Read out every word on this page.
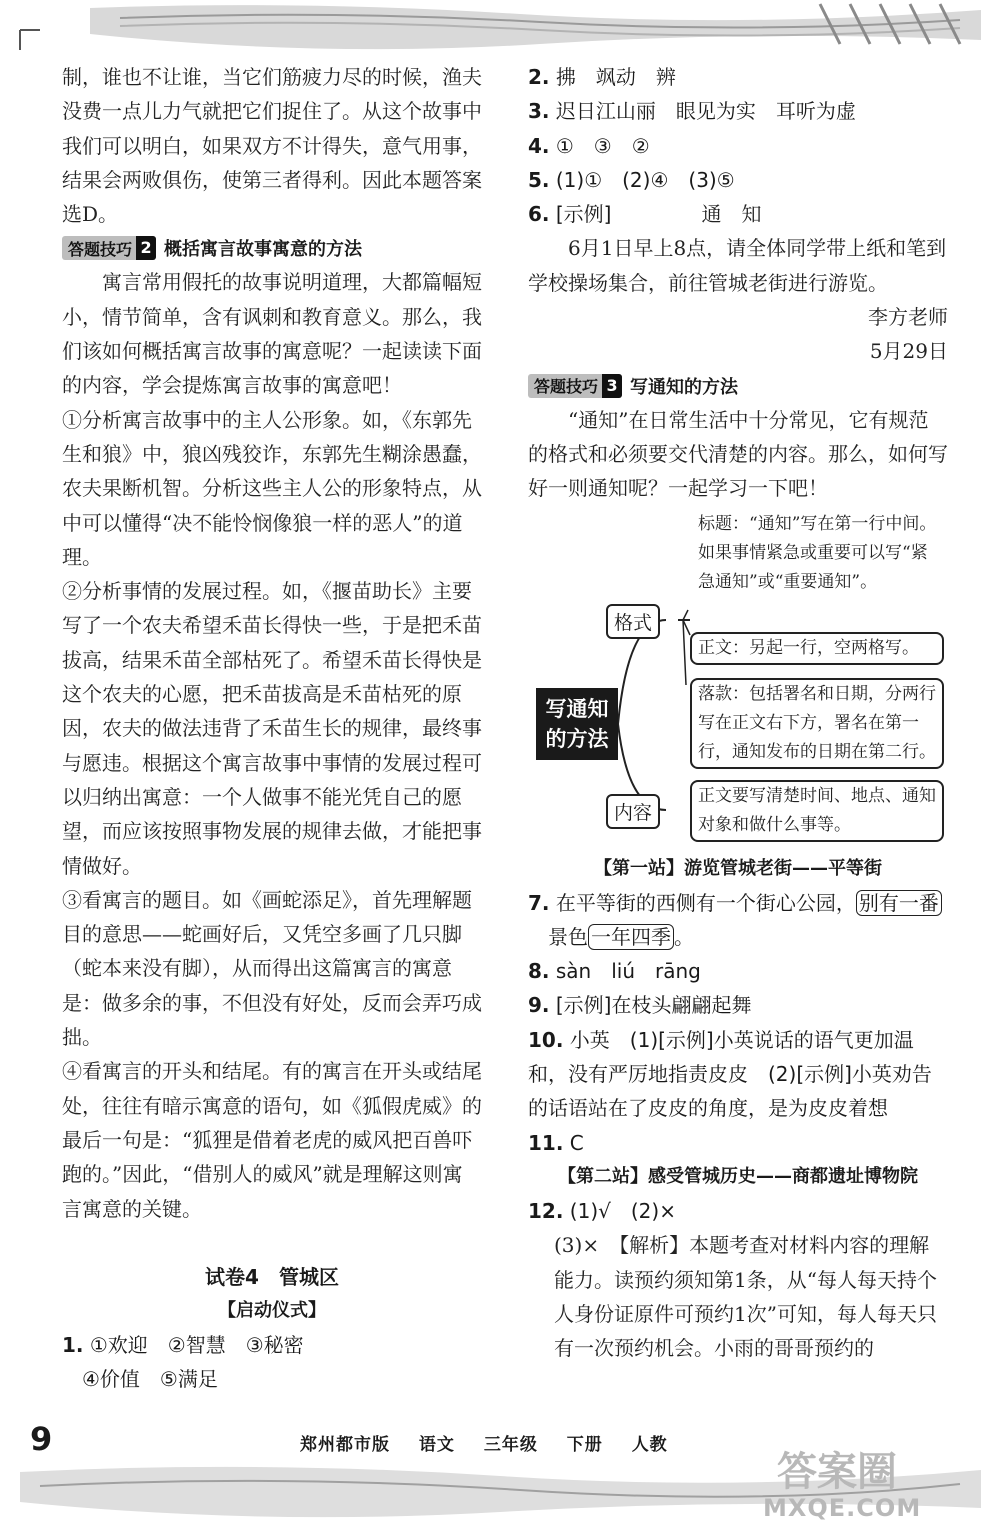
制，谁也不让谁，当它们筋疲力尽的时候，渔夫没费一点儿力气就把它们捉住了。从这个故事中我们可以明白，如果双方不计得失，意气用事，结果会两败俱伤，使第三者得利。因此本题答案选D。

答题技巧 2 概括寓言故事寓意的方法

寓言常用假托的故事说明道理，大都篇幅短小，情节简单，含有讽刺和教育意义。那么，我们该如何概括寓言故事的寓意呢？一起读读下面的内容，学会提炼寓言故事的寓意吧！

①分析寓言故事中的主人公形象。如，《东郭先生和狼》中，狼凶残狡诈，东郭先生糊涂愚蠢，农夫果断机智。分析这些主人公的形象特点，从中可以懂得“决不能怜悯像狼一样的恶人”的道理。

②分析事情的发展过程。如，《揠苗助长》主要写了一个农夫希望禾苗长得快一些，于是把禾苗拔高，结果禾苗全部枯死了。希望禾苗长得快是这个农夫的心愿，把禾苗拔高是禾苗枯死的原因，农夫的做法违背了禾苗生长的规律，最终事与愿违。根据这个寓言故事中事情的发展过程可以归纳出寓意：一个人做事不能光凭自己的愿望，而应该按照事物发展的规律去做，才能把事情做好。

③看寓言的题目。如《画蛇添足》，首先理解题目的意思——蛇画好后，又凭空多画了几只脚（蛇本来没有脚），从而得出这篇寓言的寓意是：做多余的事，不但没有好处，反而会弄巧成拙。

④看寓言的开头和结尾。有的寓言在开头或结尾处，往往有暗示寓意的语句，如《狐假虎威》的最后一句是：“狐狸是借着老虎的威风把百兽吓跑的。”因此，“借别人的威风”就是理解这则寓言寓意的关键。

试卷4　管城区
【启动仪式】

1. ①欢迎　②智慧　③秘密

④价值　⑤满足

2. 拂　飒动　辨

3. 迟日江山丽　眼见为实　耳听为虚

4. ①　③　②

5. (1)①　(2)④　(3)⑤

6. [示例]	通　知

6月1日早上8点，请全体同学带上纸和笔到学校操场集合，前往管城老街进行游览。

李方老师

5月29日

答题技巧 3 写通知的方法

“通知”在日常生活中十分常见，它有规范的格式和必须要交代清楚的内容。那么，如何写好一则通知呢？一起学习一下吧！

写通知的方法
格式
内容
标题：“通知”写在第一行中间。如果事情紧急或重要可以写“紧急通知”或“重要通知”。
正文：另起一行，空两格写。
落款：包括署名和日期，分两行写在正文右下方，署名在第一行，通知发布的日期在第二行。
正文要写清楚时间、地点、通知对象和做什么事等。
【第一站】游览管城老街——平等街

7. 在平等街的西侧有一个街心公园， 别有一番

景色 一年四季 。

8. sàn　liú　rāng

9. [示例]在枝头翩翩起舞

10. 小英　(1)[示例]小英说话的语气更加温和，没有严厉地指责皮皮　(2)[示例]小英劝告的话语站在了皮皮的角度，是为皮皮着想

11. C

【第二站】感受管城历史——商都遗址博物院

12. (1)√　(2)×

(3)×　【解析】本题考查对材料内容的理解能力。读预约须知第1条，从“每人每天持个人身份证原件可预约1次”可知，每人每天只有一次预约机会。小雨的哥哥预约的

9	郑州都市版 语文 三年级 下册 人教
答案圈
MXQE.COM
